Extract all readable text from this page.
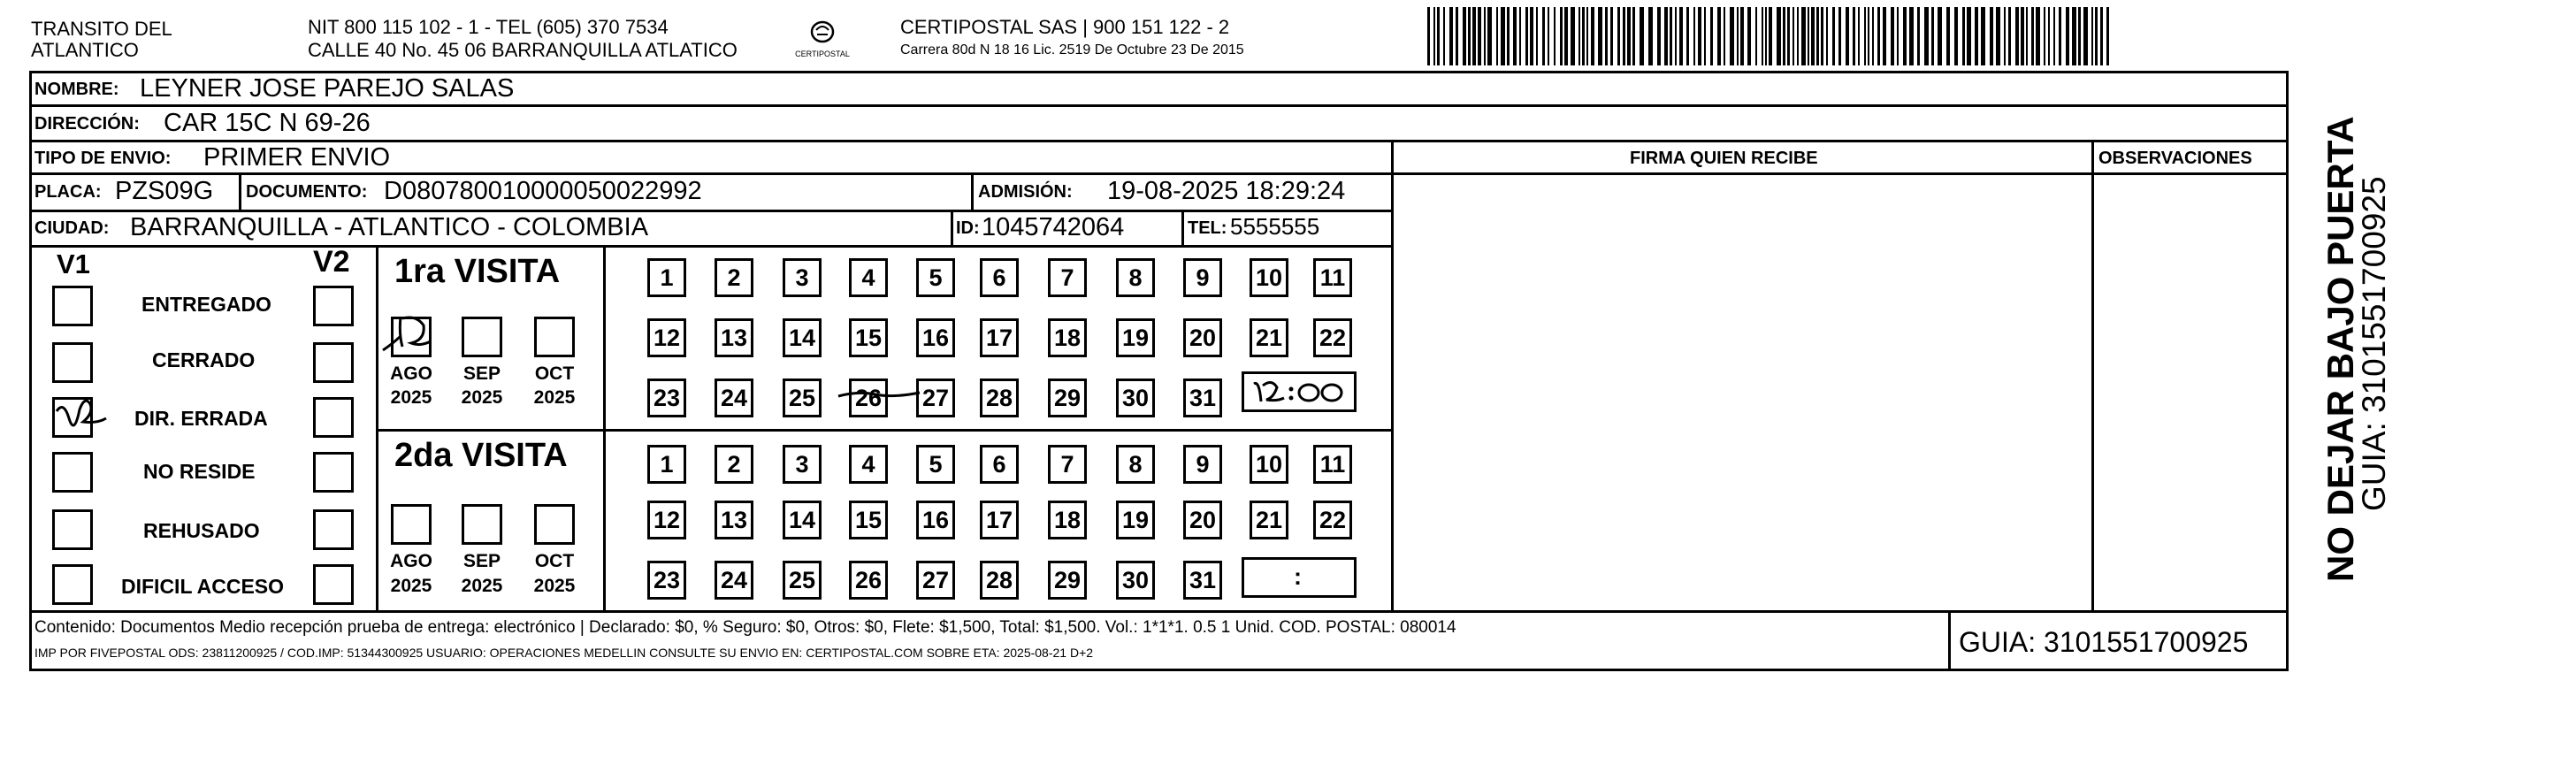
TRANSITO DEL
ATLANTICO
NIT 800 115 102 - 1 - TEL (605) 370 7534
CALLE 40 No. 45 06 BARRANQUILLA ATLATICO	CERTIPOSTAL
CERTIPOSTAL SAS | 900 151 122 - 2
Carrera 80d N 18 16 Lic. 2519 De Octubre 23 De 2015
NOMBRE: LEYNER JOSE PAREJO SALAS
DIRECCIÓN: CAR 15C N 69-26
TIPO DE ENVIO: PRIMER ENVIO	FIRMA QUIEN RECIBE	OBSERVACIONES
PLACA: PZS09G DOCUMENTO: D080780010000050022992	ADMISIÓN: 19-08-2025 18:29:24
CIUDAD: BARRANQUILLA - ATLANTICO - COLOMBIA	ID: 1045742064	TEL: 5555555
V1	V2
ENTREGADO
CERRADO
DIR. ERRADA
NO RESIDE
REHUSADO
DIFICIL ACCESO
1ra VISITA
AGO	SEP	OCT
2025	2025	2025
2da VISITA
AGO	SEP	OCT
2025	2025	2025
1	2	3	4	5	6	7	8	9	10 11
12 13 14 15 16 17 18 19 20 21 22
23 24 25 26 27 28 29 30 31
1	2	3	4	5	6	7	8	9	10 11
12 13 14 15 16 17 18 19 20 21 22
23 24 25 26 27 28 29 30 31	:
Contenido: Documentos Medio recepción prueba de entrega: electrónico | Declarado: $0, % Seguro: $0, Otros: $0, Flete: $1,500, Total: $1,500. Vol.: 1*1*1. 0.5 1 Unid. COD. POSTAL: 080014
IMP POR FIVEPOSTAL ODS: 23811200925 / COD.IMP: 51344300925 USUARIO: OPERACIONES MEDELLIN CONSULTE SU ENVIO EN: CERTIPOSTAL.COM SOBRE ETA: 2025-08-21 D+2	GUIA: 3101551700925
NO DEJAR BAJO PUERTA
GUIA: 3101551700925
